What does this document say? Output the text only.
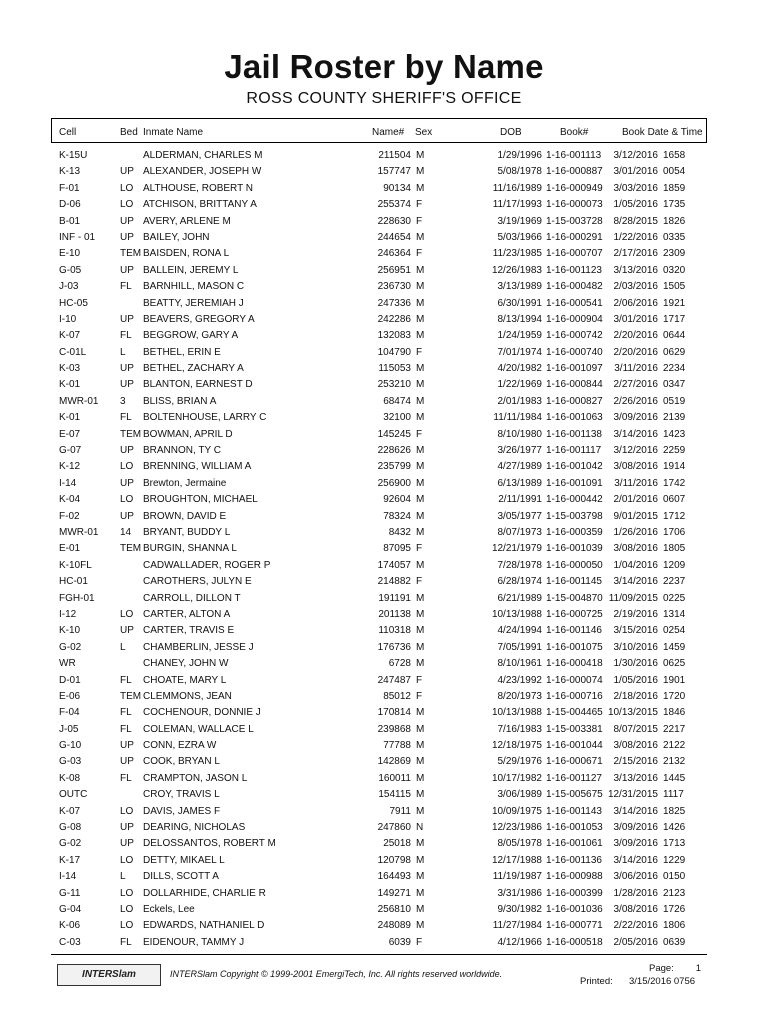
Jail Roster by Name
ROSS COUNTY SHERIFF'S OFFICE
Cell	Bed Inmate Name	Name# Sex	DOB	Book#	Book Date & Time
K-15U	ALDERMAN, CHARLES M	211504 M	1/29/1996 1-16-001113 3/12/2016 1658
K-13	UP ALEXANDER, JOSEPH W	157747 M	5/08/1978 1-16-000887 3/01/2016 0054
F-01	LO ALTHOUSE, ROBERT N	90134 M	11/16/1989 1-16-000949 3/03/2016 1859
D-06	LO ATCHISON, BRITTANY A	255374 F	11/17/1993 1-16-000073 1/05/2016 1735
B-01	UP AVERY, ARLENE M	228630 F	3/19/1969 1-15-003728 8/28/2015 1826
INF - 01 UP BAILEY, JOHN	244654 M	5/03/1966 1-16-000291 1/22/2016 0335
E-10	TEM BAISDEN, RONA L	246364 F	11/23/1985 1-16-000707 2/17/2016 2309
G-05	UP BALLEIN, JEREMY L	256951 M	12/26/1983 1-16-001123 3/13/2016 0320
J-03	FL BARNHILL, MASON C	236730 M	3/13/1989 1-16-000482 2/03/2016 1505
HC-05	BEATTY, JEREMIAH J	247336 M	6/30/1991 1-16-000541 2/06/2016 1921
I-10	UP BEAVERS, GREGORY A	242286 M	8/13/1994 1-16-000904 3/01/2016 1717
K-07	FL BEGGROW, GARY A	132083 M	1/24/1959 1-16-000742 2/20/2016 0644
C-01L	L BETHEL, ERIN E	104790 F	7/01/1974 1-16-000740 2/20/2016 0629
K-03	UP BETHEL, ZACHARY A	115053 M	4/20/1982 1-16-001097 3/11/2016 2234
K-01	UP BLANTON, EARNEST D	253210 M	1/22/1969 1-16-000844 2/27/2016 0347
MWR-01 3 BLISS, BRIAN A	68474 M	2/01/1983 1-16-000827 2/26/2016 0519
K-01	FL BOLTENHOUSE, LARRY C	32100 M	11/11/1984 1-16-001063 3/09/2016 2139
E-07	TEM BOWMAN, APRIL D	145245 F	8/10/1980 1-16-001138 3/14/2016 1423
G-07	UP BRANNON, TY C	228626 M	3/26/1977 1-16-001117 3/12/2016 2259
K-12	LO BRENNING, WILLIAM A	235799 M	4/27/1989 1-16-001042 3/08/2016 1914
I-14	UP Brewton, Jermaine	256900 M	6/13/1989 1-16-001091 3/11/2016 1742
K-04	LO BROUGHTON, MICHAEL	92604 M	2/11/1991 1-16-000442 2/01/2016 0607
F-02	UP BROWN, DAVID E	78324 M	3/05/1977 1-15-003798 9/01/2015 1712
MWR-01 14 BRYANT, BUDDY L	8432 M	8/07/1973 1-16-000359 1/26/2016 1706
E-01	TEM BURGIN, SHANNA L	87095 F	12/21/1979 1-16-001039 3/08/2016 1805
K-10FL	CADWALLADER, ROGER P	174057 M	7/28/1978 1-16-000050 1/04/2016 1209
HC-01	CAROTHERS, JULYN E	214882 F	6/28/1974 1-16-001145 3/14/2016 2237
FGH-01	CARROLL, DILLON T	191191 M	6/21/1989 1-15-004870 11/09/2015 0225
I-12	LO CARTER, ALTON A	201138 M	10/13/1988 1-16-000725 2/19/2016 1314
K-10	UP CARTER, TRAVIS E	110318 M	4/24/1994 1-16-001146 3/15/2016 0254
G-02	L CHAMBERLIN, JESSE J	176736 M	7/05/1991 1-16-001075 3/10/2016 1459
WR	CHANEY, JOHN W	6728 M	8/10/1961 1-16-000418 1/30/2016 0625
D-01	FL CHOATE, MARY L	247487 F	4/23/1992 1-16-000074 1/05/2016 1901
E-06	TEM CLEMMONS, JEAN	85012 F	8/20/1973 1-16-000716 2/18/2016 1720
F-04	FL COCHENOUR, DONNIE J	170814 M	10/13/1988 1-15-004465 10/13/2015 1846
J-05	FL COLEMAN, WALLACE L	239868 M	7/16/1983 1-15-003381 8/07/2015 2217
G-10	UP CONN, EZRA W	77788 M	12/18/1975 1-16-001044 3/08/2016 2122
G-03	UP COOK, BRYAN L	142869 M	5/29/1976 1-16-000671 2/15/2016 2132
K-08	FL CRAMPTON, JASON L	160011 M	10/17/1982 1-16-001127 3/13/2016 1445
OUTC	CROY, TRAVIS L	154115 M	3/06/1989 1-15-005675 12/31/2015 1117
K-07	LO DAVIS, JAMES F	7911 M	10/09/1975 1-16-001143 3/14/2016 1825
G-08	UP DEARING, NICHOLAS	247860 N	12/23/1986 1-16-001053 3/09/2016 1426
G-02	UP DELOSSANTOS, ROBERT M	25018 M	8/05/1978 1-16-001061 3/09/2016 1713
K-17	LO DETTY, MIKAEL L	120798 M	12/17/1988 1-16-001136 3/14/2016 1229
I-14	L DILLS, SCOTT A	164493 M	11/19/1987 1-16-000988 3/06/2016 0150
G-11	LO DOLLARHIDE, CHARLIE R	149271 M	3/31/1986 1-16-000399 1/28/2016 2123
G-04	LO Eckels, Lee	256810 M	9/30/1982 1-16-001036 3/08/2016 1726
K-06	LO EDWARDS, NATHANIEL D	248089 M	11/27/1984 1-16-000771 2/22/2016 1806
C-03	FL EIDENOUR, TAMMY J	6039 F	4/12/1966 1-16-000518 2/05/2016 0639
INTERSlam	INTERSlam Copyright © 1999-2001 EmergiTech, Inc. All rights reserved worldwide.	Page:	1
Printed: 3/15/2016 0756
